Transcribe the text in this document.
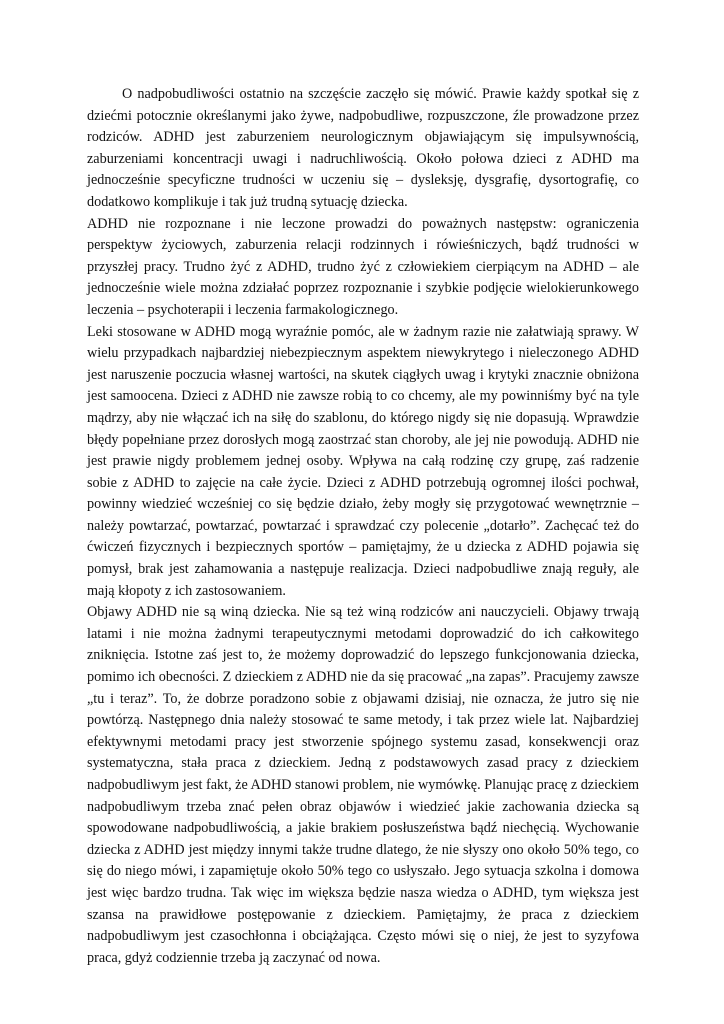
O nadpobudliwości ostatnio na szczęście zaczęło się mówić. Prawie każdy spotkał się z dziećmi potocznie określanymi jako żywe, nadpobudliwe, rozpuszczone, źle prowadzone przez rodziców. ADHD jest zaburzeniem neurologicznym objawiającym się impulsywnością, zaburzeniami koncentracji uwagi i nadruchliwością. Około połowa dzieci z ADHD ma jednocześnie specyficzne trudności w uczeniu się – dysleksję, dysgrafię, dysortografię, co dodatkowo komplikuje i tak już trudną sytuację dziecka.

ADHD nie rozpoznane i nie leczone prowadzi do poważnych następstw: ograniczenia perspektyw życiowych, zaburzenia relacji rodzinnych i rówieśniczych, bądź trudności w przyszłej pracy. Trudno żyć z ADHD, trudno żyć z człowiekiem cierpiącym na ADHD – ale jednocześnie wiele można zdziałać poprzez rozpoznanie i szybkie podjęcie wielokierunkowego leczenia – psychoterapii i leczenia farmakologicznego.

Leki stosowane w ADHD mogą wyraźnie pomóc, ale w żadnym razie nie załatwiają sprawy. W wielu przypadkach najbardziej niebezpiecznym aspektem niewykrytego i nieleczonego ADHD jest naruszenie poczucia własnej wartości, na skutek ciągłych uwag i krytyki znacznie obniżona jest samoocena. Dzieci z ADHD nie zawsze robią to co chcemy, ale my powinniśmy być na tyle mądrzy, aby nie włączać ich na siłę do szablonu, do którego nigdy się nie dopasują. Wprawdzie błędy popełniane przez dorosłych mogą zaostrzać stan choroby, ale jej nie powodują. ADHD nie jest prawie nigdy problemem jednej osoby. Wpływa na całą rodzinę czy grupę, zaś radzenie sobie z ADHD to zajęcie na całe życie. Dzieci z ADHD potrzebują ogromnej ilości pochwał, powinny wiedzieć wcześniej co się będzie działo, żeby mogły się przygotować wewnętrznie – należy powtarzać, powtarzać, powtarzać i sprawdzać czy polecenie „dotarło”. Zachęcać też do ćwiczeń fizycznych i bezpiecznych sportów – pamiętajmy, że u dziecka z ADHD pojawia się pomysł, brak jest zahamowania a następuje realizacja. Dzieci nadpobudliwe znają reguły, ale mają kłopoty z ich zastosowaniem.

Objawy ADHD nie są winą dziecka. Nie są też winą rodziców ani nauczycieli. Objawy trwają latami i nie można żadnymi terapeutycznymi metodami doprowadzić do ich całkowitego zniknięcia. Istotne zaś jest to, że możemy doprowadzić do lepszego funkcjonowania dziecka, pomimo ich obecności. Z dzieckiem z ADHD nie da się pracować „na zapas”. Pracujemy zawsze „tu i teraz”. To, że dobrze poradzono sobie z objawami dzisiaj, nie oznacza, że jutro się nie powtórzą. Następnego dnia należy stosować te same metody, i tak przez wiele lat. Najbardziej efektywnymi metodami pracy jest stworzenie spójnego systemu zasad, konsekwencji oraz systematyczna, stała praca z dzieckiem. Jedną z podstawowych zasad pracy z dzieckiem nadpobudliwym jest fakt, że ADHD stanowi problem, nie wymówkę. Planując pracę z dzieckiem nadpobudliwym trzeba znać pełen obraz objawów i wiedzieć jakie zachowania dziecka są spowodowane nadpobudliwością, a jakie brakiem posłuszeństwa bądź niechęcią. Wychowanie dziecka z ADHD jest między innymi także trudne dlatego, że nie słyszy ono około 50% tego, co się do niego mówi, i zapamiętuje około 50% tego co usłyszało. Jego sytuacja szkolna i domowa jest więc bardzo trudna. Tak więc im większa będzie nasza wiedza o ADHD, tym większa jest szansa na prawidłowe postępowanie z dzieckiem. Pamiętajmy, że praca z dzieckiem nadpobudliwym jest czasochłonna i obciążająca. Często mówi się o niej, że jest to syzyfowa praca, gdyż codziennie trzeba ją zaczynać od nowa.
